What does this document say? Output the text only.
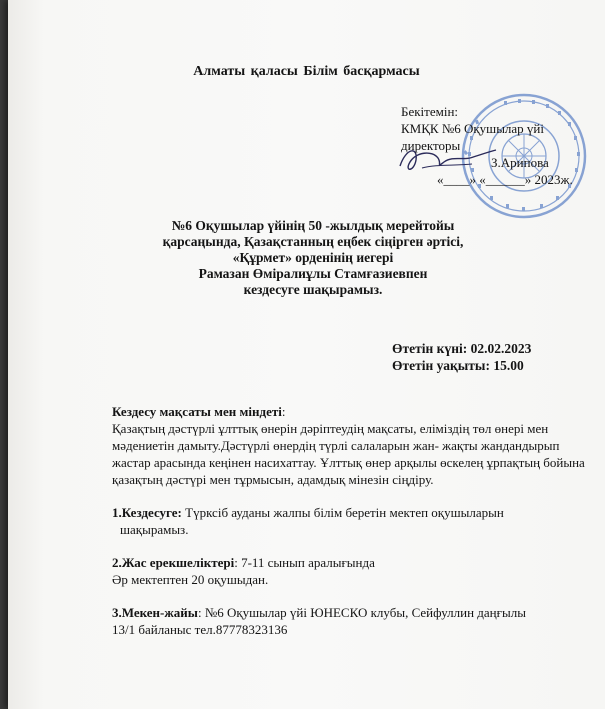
Алматы қаласы Білім басқармасы
Бекітемін:
КМҚК №6 Оқушылар үйі
директоры
З.Арипова
«____» «______» 2023ж.
№6 Оқушылар үйінің 50 -жылдық мерейтойы
қарсаңында, Қазақстанның еңбек сіңірген әртісі,
«Құрмет» орденінің иегері
Рамазан Өміралиұлы Стамғазиевпен
кездесуге шақырамыз.
Өтетін күні: 02.02.2023
Өтетін уақыты: 15.00

Кездесу мақсаты мен міндеті:

Қазақтың дәстүрлі ұлттық өнерін дәріптеудің мақсаты, еліміздің төл өнері мен мәдениетін дамыту.Дәстүрлі өнердің түрлі салаларын жан- жақты жандандырып жастар арасында кеңінен насихаттау. Ұлттық өнер арқылы өскелең ұрпақтың бойына қазақтың дәстүрі мен тұрмысын, адамдық мінезін сіңдіру.

1.Кездесуге: Түрксіб ауданы жалпы білім беретін мектеп оқушыларын

шақырамыз.

2.Жас ерекшеліктері: 7-11 сынып аралығында

Әр мектептен 20 оқушыдан.

3.Мекен-жайы: №6 Оқушылар үйі ЮНЕСКО клубы, Сейфуллин даңғылы

13/1 байланыс тел.87778323136
